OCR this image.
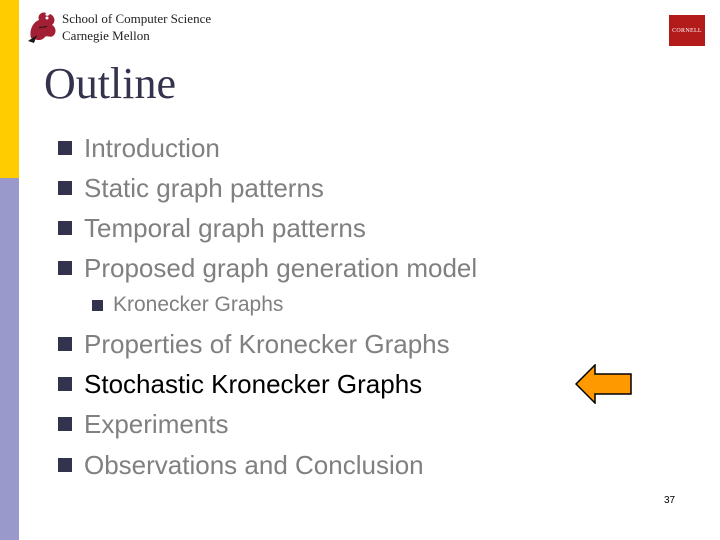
School of Computer Science
Carnegie Mellon	CORNELL
Outline
Introduction
Static graph patterns
Temporal graph patterns
Proposed graph generation model
Kronecker Graphs
Properties of Kronecker Graphs
Stochastic Kronecker Graphs
Experiments
Observations and Conclusion
37
